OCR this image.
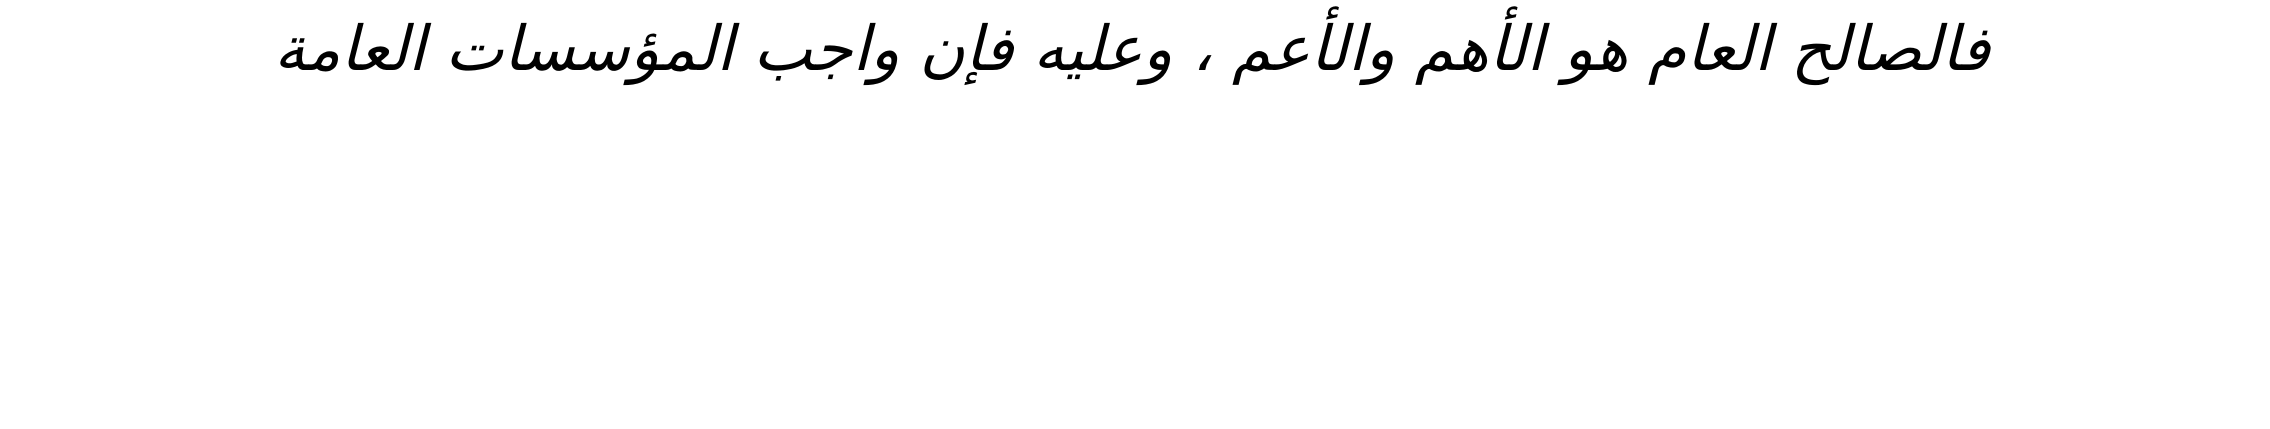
فالصالح العام هو الأهم والأعم ، وعليه فإن واجب المؤسسات العامة
